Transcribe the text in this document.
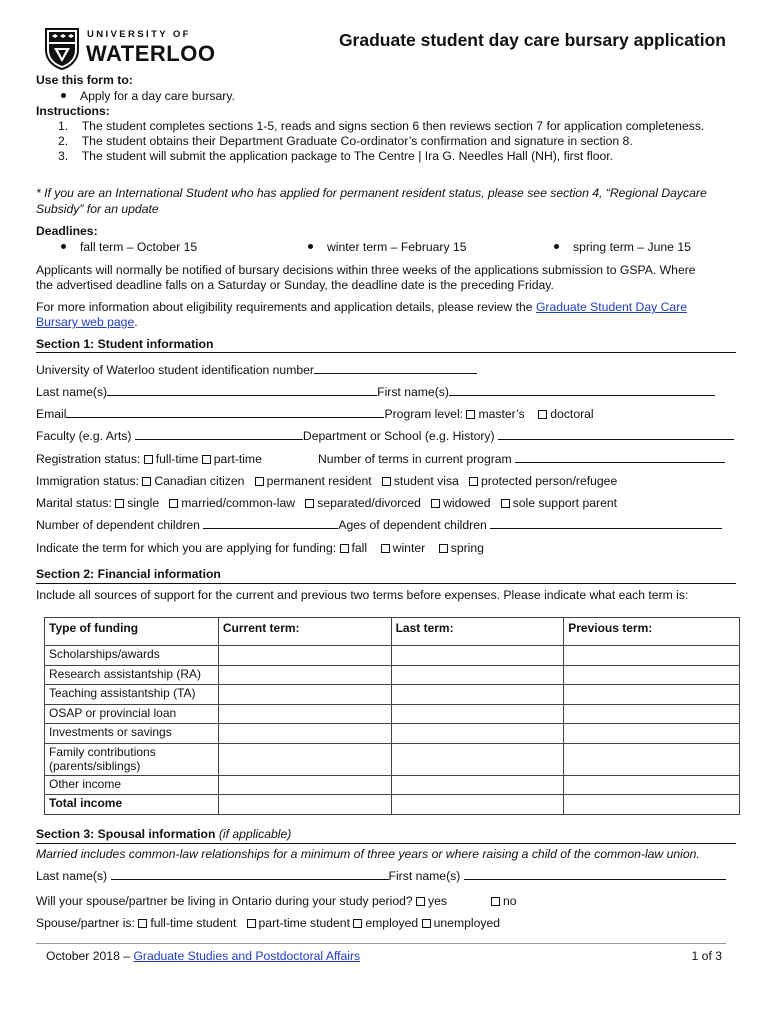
UNIVERSITY OF
WATERLOO
Graduate student day care bursary application
Use this form to:
Apply for a day care bursary.
Instructions:
1.    The student completes sections 1-5, reads and signs section 6 then reviews section 7 for application completeness.
2.    The student obtains their Department Graduate Co-ordinator’s confirmation and signature in section 8.
3.    The student will submit the application package to The Centre | Ira G. Needles Hall (NH), first floor.
* If you are an International Student who has applied for permanent resident status, please see section 4, “Regional Daycare
Subsidy” for an update
Deadlines:
fall term – October 15	winter term – February 15	spring term – June 15
Applicants will normally be notified of bursary decisions within three weeks of the applications submission to GSPA. Where
the advertised deadline falls on a Saturday or Sunday, the deadline date is the preceding Friday.
For more information about eligibility requirements and application details, please review the Graduate Student Day Care
Bursary web page.
Section 1: Student information
University of Waterloo student identification number
Last name(s)	First name(s)
Email	Program level: master’s doctoral
Faculty (e.g. Arts)	Department or School (e.g. History)
Registration status: full-time part-time	Number of terms in current program
Immigration status: Canadian citizen permanent resident student visa protected person/refugee
Marital status: single married/common-law separated/divorced widowed sole support parent
Number of dependent children	Ages of dependent children
Indicate the term for which you are applying for funding: fall winter spring
Section 2: Financial information
Include all sources of support for the current and previous two terms before expenses. Please indicate what each term is:
Type of funding	Current term:	Last term:	Previous term:
Scholarships/awards			
Research assistantship (RA)			
Teaching assistantship (TA)			
OSAP or provincial loan			
Investments or savings			
Family contributions
(parents/siblings)			
Other income			
Total income			
Section 3: Spousal information (if applicable)
Married includes common-law relationships for a minimum of three years or where raising a child of the common-law union.
Last name(s)	First name(s)
Will your spouse/partner be living in Ontario during your study period? yes	no
Spouse/partner is: full-time student part-time student employed unemployed
October 2018 – Graduate Studies and Postdoctoral Affairs	1 of 3
